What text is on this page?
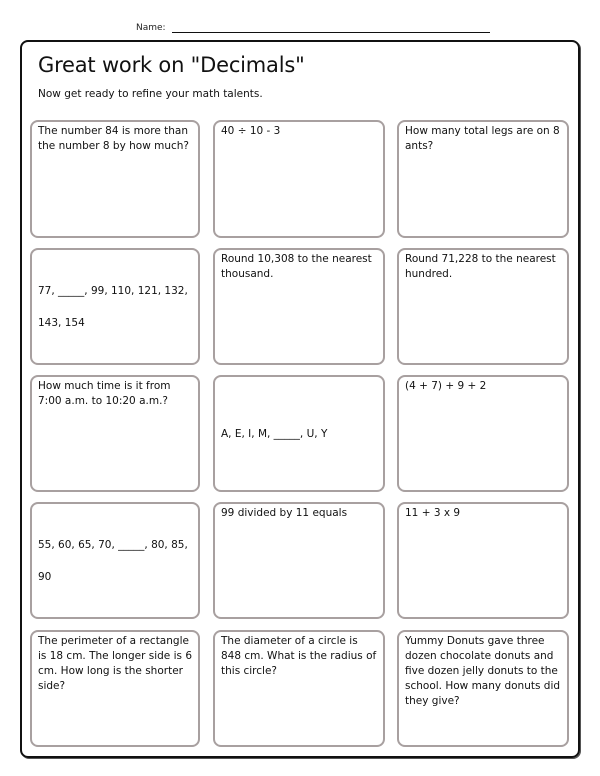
Name:
Great work on "Decimals"
Now get ready to refine your math talents.
The number 84 is more than the number 8 by how much?
40 ÷ 10 - 3	How many total legs are on 8 ants?
77, _____, 99, 110, 121, 132, 143, 154
Round 10,308 to the nearest thousand.
Round 71,228 to the nearest hundred.
How much time is it from 7:00 a.m. to 10:20 a.m.?
A, E, I, M, _____, U, Y
(4 + 7) + 9 + 2
55, 60, 65, 70, _____, 80, 85, 90
99 divided by 11 equals	11 + 3 x 9
The perimeter of a rectangle is 18 cm. The longer side is 6 cm. How long is the shorter side?
The diameter of a circle is 848 cm. What is the radius of this circle?
Yummy Donuts gave three dozen chocolate donuts and five dozen jelly donuts to the school. How many donuts did they give?
